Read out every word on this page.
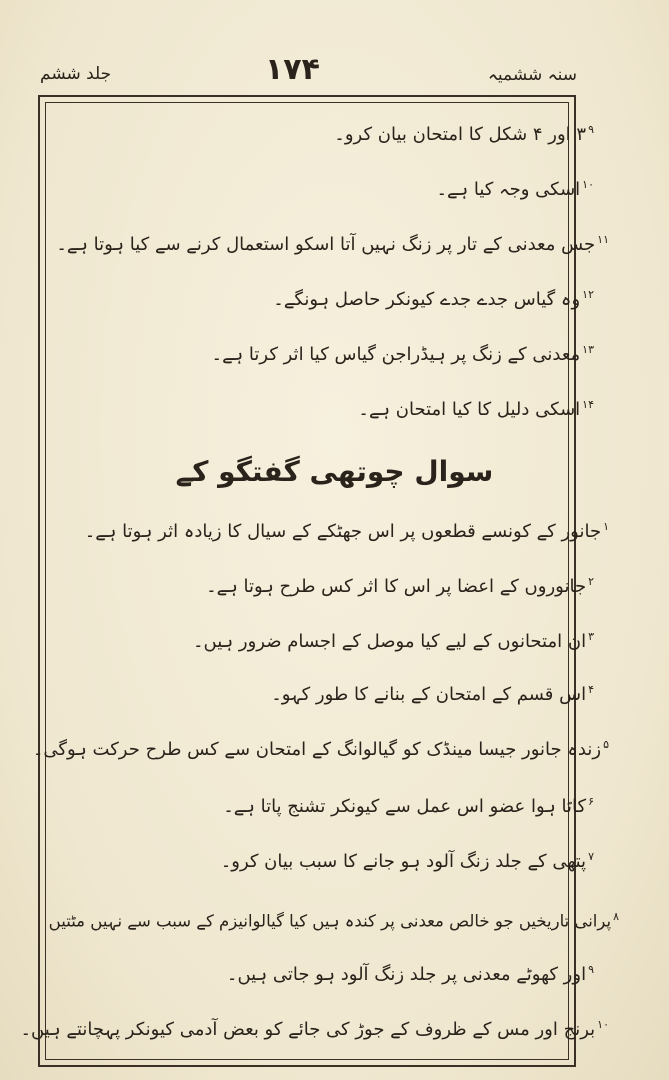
جلد ششم	۱۷۴	سنہ ششمیہ
۹۳ اور ۴ شکل کا امتحان بیان کرو۔
۱۰اسکی وجہ کیا ہے۔
۱۱جس معدنی کے تار پر زنگ نہیں آتا اسکو استعمال کرنے سے کیا ہوتا ہے۔
۱۲وہ گیاس جدے جدے کیونکر حاصل ہونگے۔
۱۳معدنی کے زنگ پر ہیڈراجن گیاس کیا اثر کرتا ہے۔
۱۴اسکی دلیل کا کیا امتحان ہے۔
سوال چوتھی گفتگو کے
۱جانور کے کونسے قطعوں پر اس جھٹکے کے سیال کا زیادہ اثر ہوتا ہے۔
۲جانوروں کے اعضا پر اس کا اثر کس طرح ہوتا ہے۔
۳ان امتحانوں کے لیے کیا موصل کے اجسام ضرور ہیں۔
۴اس قسم کے امتحان کے بنانے کا طور کہو۔
۵زندہ جانور جیسا مینڈک کو گیالوانگ کے امتحان سے کس طرح حرکت ہوگی۔
۶کاٹا ہوا عضو اس عمل سے کیونکر تشنج پاتا ہے۔
۷پتھی کے جلد زنگ آلود ہو جانے کا سبب بیان کرو۔
۸پرانی تاریخیں جو خالص معدنی پر کندہ ہیں کیا گیالوانیزم کے سبب سے نہیں مٹتیں
۹اور کھوٹے معدنی پر جلد زنگ آلود ہو جاتی ہیں۔
۱۰برنج اور مس کے ظروف کے جوڑ کی جائے کو بعض آدمی کیونکر پہچانتے ہیں۔
